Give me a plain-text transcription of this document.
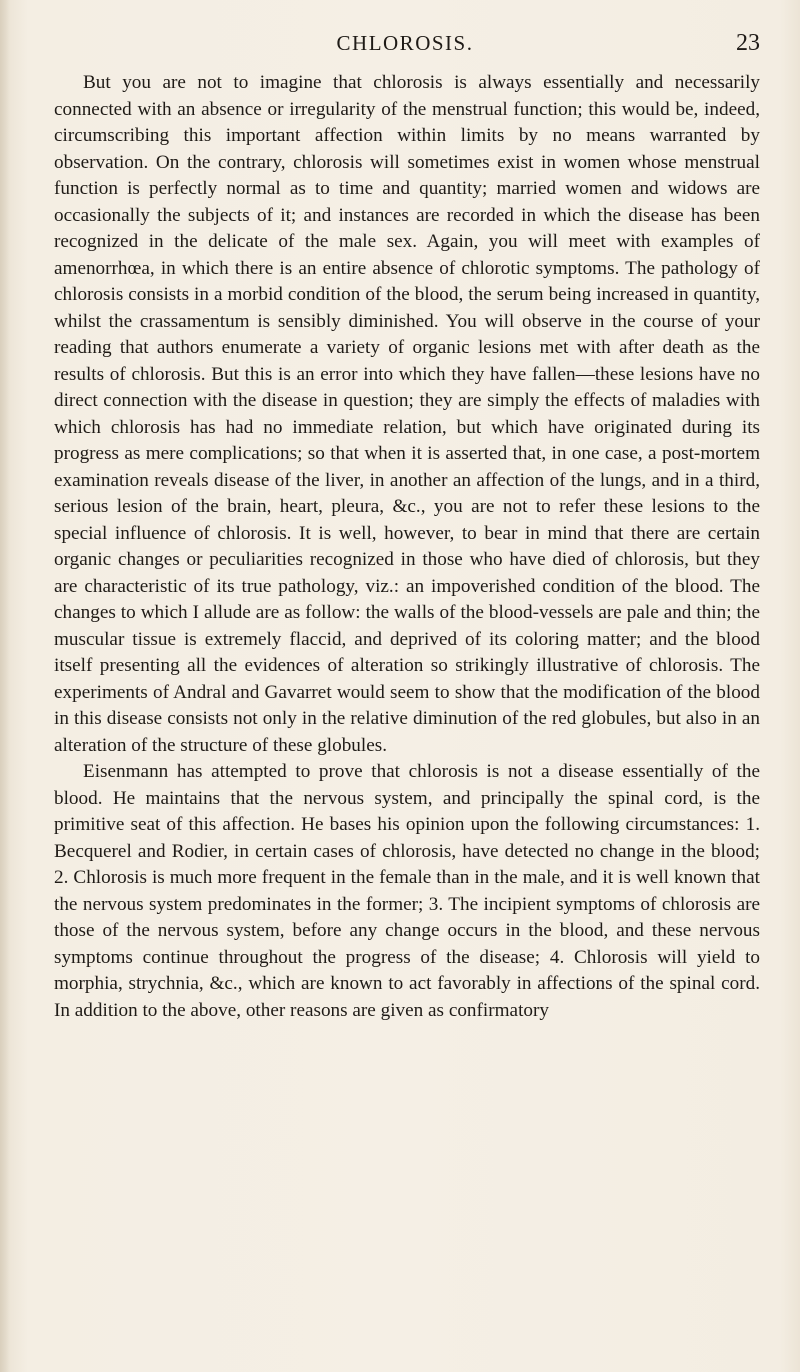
CHLOROSIS.	23

But you are not to imagine that chlorosis is always essentially and necessarily connected with an absence or irregularity of the menstrual function; this would be, indeed, circumscribing this important affection within limits by no means warranted by observation. On the contrary, chlorosis will sometimes exist in women whose menstrual function is perfectly normal as to time and quantity; married women and widows are occasionally the subjects of it; and instances are recorded in which the disease has been recognized in the delicate of the male sex. Again, you will meet with examples of amenorrhœa, in which there is an entire absence of chlorotic symptoms. The pathology of chlorosis consists in a morbid condition of the blood, the serum being increased in quantity, whilst the crassamentum is sensibly diminished. You will observe in the course of your reading that authors enumerate a variety of organic lesions met with after death as the results of chlorosis. But this is an error into which they have fallen—these lesions have no direct connection with the disease in question; they are simply the effects of maladies with which chlorosis has had no immediate relation, but which have originated during its progress as mere complications; so that when it is asserted that, in one case, a post-mortem examination reveals disease of the liver, in another an affection of the lungs, and in a third, serious lesion of the brain, heart, pleura, &c., you are not to refer these lesions to the special influence of chlorosis. It is well, however, to bear in mind that there are certain organic changes or peculiarities recognized in those who have died of chlorosis, but they are characteristic of its true pathology, viz.: an impoverished condition of the blood. The changes to which I allude are as follow: the walls of the blood-vessels are pale and thin; the muscular tissue is extremely flaccid, and deprived of its coloring matter; and the blood itself presenting all the evidences of alteration so strikingly illustrative of chlorosis. The experiments of Andral and Gavarret would seem to show that the modification of the blood in this disease consists not only in the relative diminution of the red globules, but also in an alteration of the structure of these globules.

Eisenmann has attempted to prove that chlorosis is not a disease essentially of the blood. He maintains that the nervous system, and principally the spinal cord, is the primitive seat of this affection. He bases his opinion upon the following circumstances: 1. Becquerel and Rodier, in certain cases of chlorosis, have detected no change in the blood; 2. Chlorosis is much more frequent in the female than in the male, and it is well known that the nervous system predominates in the former; 3. The incipient symptoms of chlorosis are those of the nervous system, before any change occurs in the blood, and these nervous symptoms continue throughout the progress of the disease; 4. Chlorosis will yield to morphia, strychnia, &c., which are known to act favorably in affections of the spinal cord. In addition to the above, other reasons are given as confirmatory
